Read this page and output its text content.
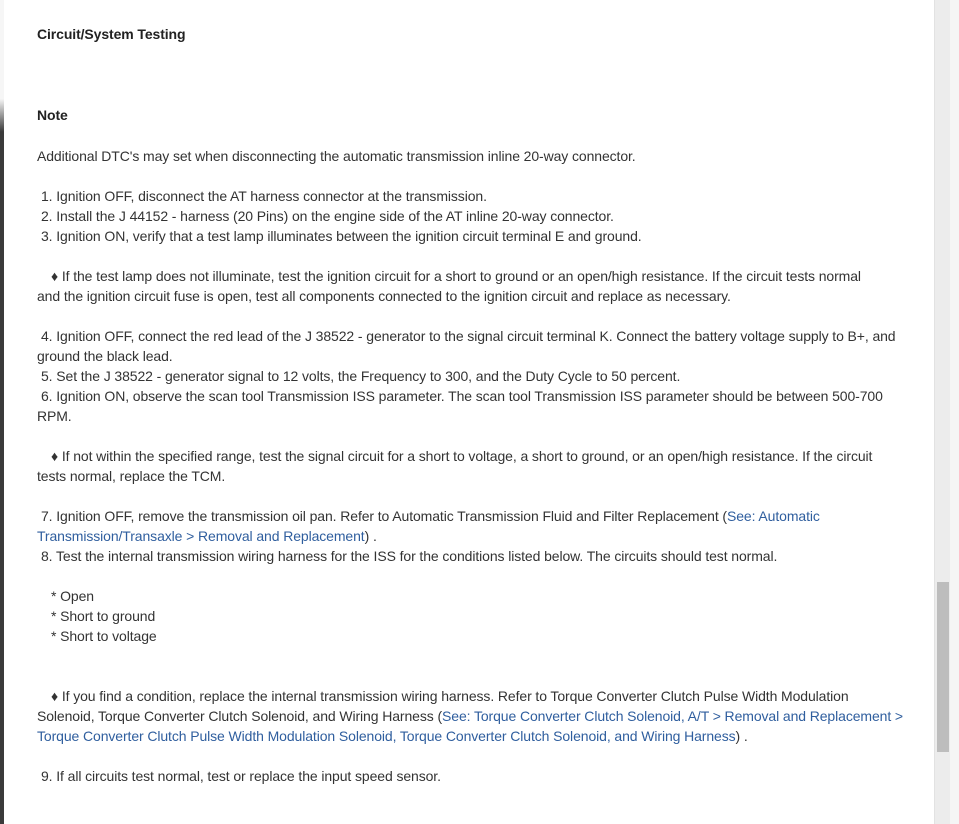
Circuit/System Testing
Note
Additional DTC's may set when disconnecting the automatic transmission inline 20-way connector.
1. Ignition OFF, disconnect the AT harness connector at the transmission.
2. Install the J 44152 - harness (20 Pins) on the engine side of the AT inline 20-way connector.
3. Ignition ON, verify that a test lamp illuminates between the ignition circuit terminal E and ground.
♦ If the test lamp does not illuminate, test the ignition circuit for a short to ground or an open/high resistance. If the circuit tests normal
and the ignition circuit fuse is open, test all components connected to the ignition circuit and replace as necessary.
4. Ignition OFF, connect the red lead of the J 38522 - generator to the signal circuit terminal K. Connect the battery voltage supply to B+, and
ground the black lead.
5. Set the J 38522 - generator signal to 12 volts, the Frequency to 300, and the Duty Cycle to 50 percent.
6. Ignition ON, observe the scan tool Transmission ISS parameter. The scan tool Transmission ISS parameter should be between 500-700
RPM.
♦ If not within the specified range, test the signal circuit for a short to voltage, a short to ground, or an open/high resistance. If the circuit
tests normal, replace the TCM.
7. Ignition OFF, remove the transmission oil pan. Refer to Automatic Transmission Fluid and Filter Replacement (See: Automatic
Transmission/Transaxle > Removal and Replacement) .
8. Test the internal transmission wiring harness for the ISS for the conditions listed below. The circuits should test normal.
* Open
* Short to ground
* Short to voltage
♦ If you find a condition, replace the internal transmission wiring harness. Refer to Torque Converter Clutch Pulse Width Modulation
Solenoid, Torque Converter Clutch Solenoid, and Wiring Harness (See: Torque Converter Clutch Solenoid, A/T > Removal and Replacement >
Torque Converter Clutch Pulse Width Modulation Solenoid, Torque Converter Clutch Solenoid, and Wiring Harness) .
9. If all circuits test normal, test or replace the input speed sensor.
